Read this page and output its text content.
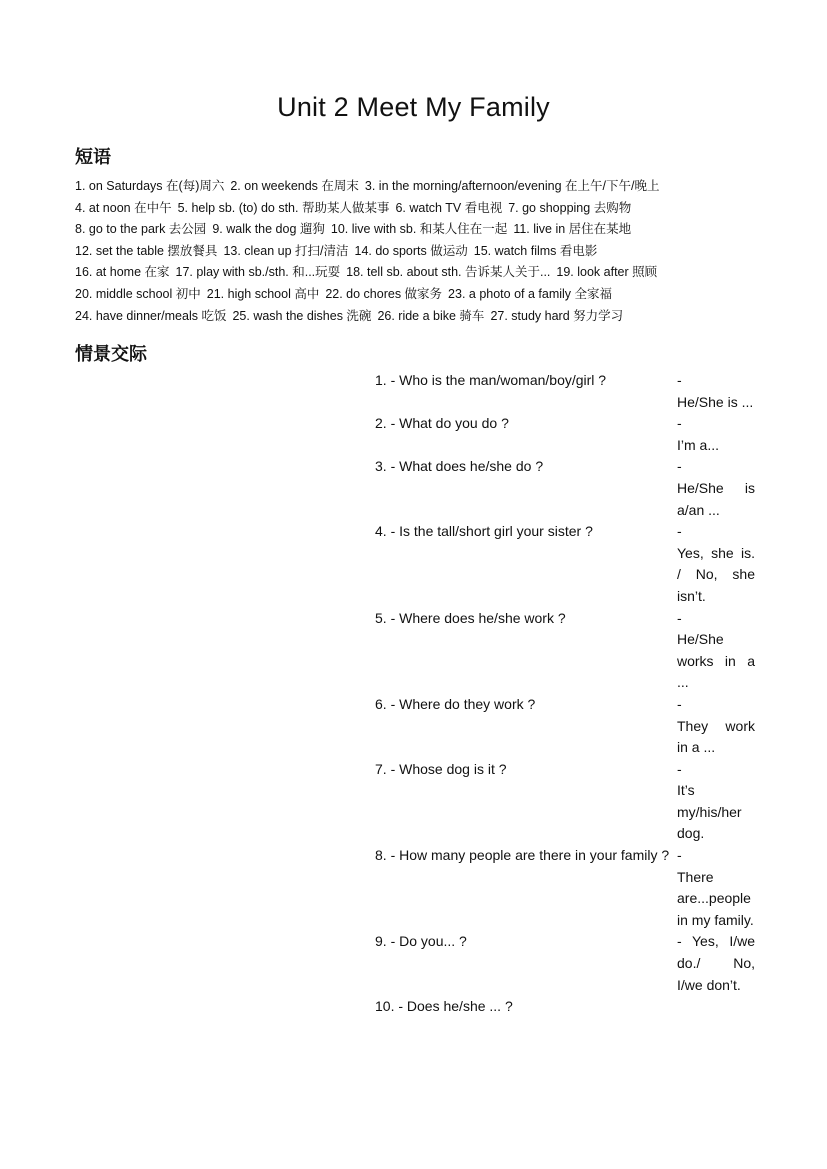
Unit 2 Meet My Family
短语
1. on Saturdays 在(每)周六 2. on weekends 在周末 3. in the morning/afternoon/evening 在上午/下午/晚上
4. at noon 在中午 5. help sb. (to) do sth. 帮助某人做某事 6. watch TV 看电视 7. go shopping 去购物
8. go to the park 去公园 9. walk the dog 遛狗 10. live with sb. 和某人住在一起 11. live in 居住在某地
12. set the table 摆放餐具 13. clean up 打扫/清洁 14. do sports 做运动 15. watch films 看电影
16. at home 在家 17. play with sb./sth. 和...玩耍 18. tell sb. about sth. 告诉某人关于... 19. look after 照顾
20. middle school 初中 21. high school 高中 22. do chores 做家务 23. a photo of a family 全家福
24. have dinner/meals 吃饭 25. wash the dishes 洗碗 26. ride a bike 骑车 27. study hard 努力学习
情景交际
1. - Who is the man/woman/boy/girl ?	-
He/She is ...
2. - What do you do ?	-
I’m a...
3. - What does he/she do ?	-
He/She is a/an ...
4. - Is the tall/short girl your sister ?	-
Yes, she is. / No, she isn’t.
5. - Where does he/she work ?	-
He/She works in a ...
6. - Where do they work ?	-
They work in a ...
7. - Whose dog is it ?	-
It’s my/his/her dog.
8. - How many people are there in your family ? -
There are...people in my family.
9. - Do you... ?	- Yes, I/we do./ No, I/we don’t.
10. - Does he/she ... ?
